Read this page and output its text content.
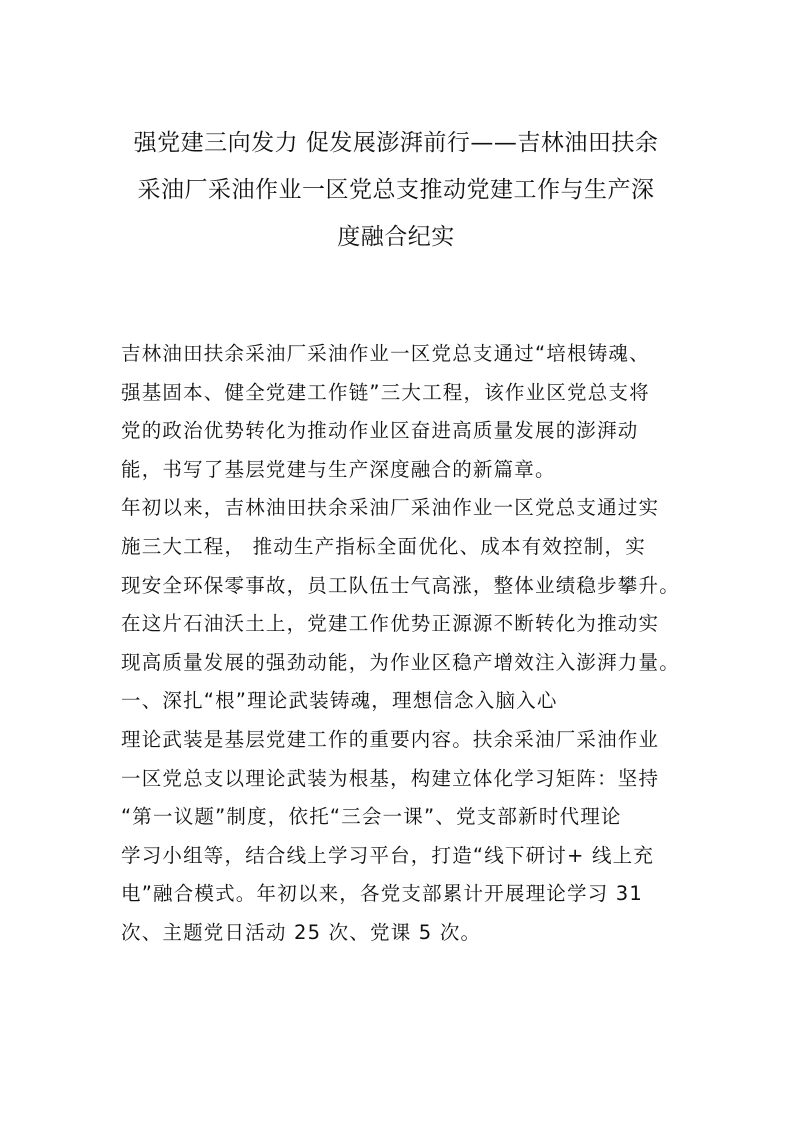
强党建三向发力 促发展澎湃前行——吉林油田扶余
采油厂采油作业一区党总支推动党建工作与生产深
度融合纪实
吉林油田扶余采油厂采油作业一区党总支通过“培根铸魂、
强基固本、健全党建工作链”三大工程，该作业区党总支将
党的政治优势转化为推动作业区奋进高质量发展的澎湃动
能，书写了基层党建与生产深度融合的新篇章。
年初以来，吉林油田扶余采油厂采油作业一区党总支通过实
施三大工程， 推动生产指标全面优化、成本有效控制，实
现安全环保零事故，员工队伍士气高涨，整体业绩稳步攀升。
在这片石油沃土上，党建工作优势正源源不断转化为推动实
现高质量发展的强劲动能，为作业区稳产增效注入澎湃力量。
一、深扎“根”理论武装铸魂，理想信念入脑入心
理论武装是基层党建工作的重要内容。扶余采油厂采油作业
一区党总支以理论武装为根基，构建立体化学习矩阵：坚持
“第一议题”制度，依托“三会一课”、党支部新时代理论
学习小组等，结合线上学习平台，打造“线下研讨+ 线上充
电”融合模式。年初以来，各党支部累计开展理论学习 31
次、主题党日活动 25 次、党课 5 次。
